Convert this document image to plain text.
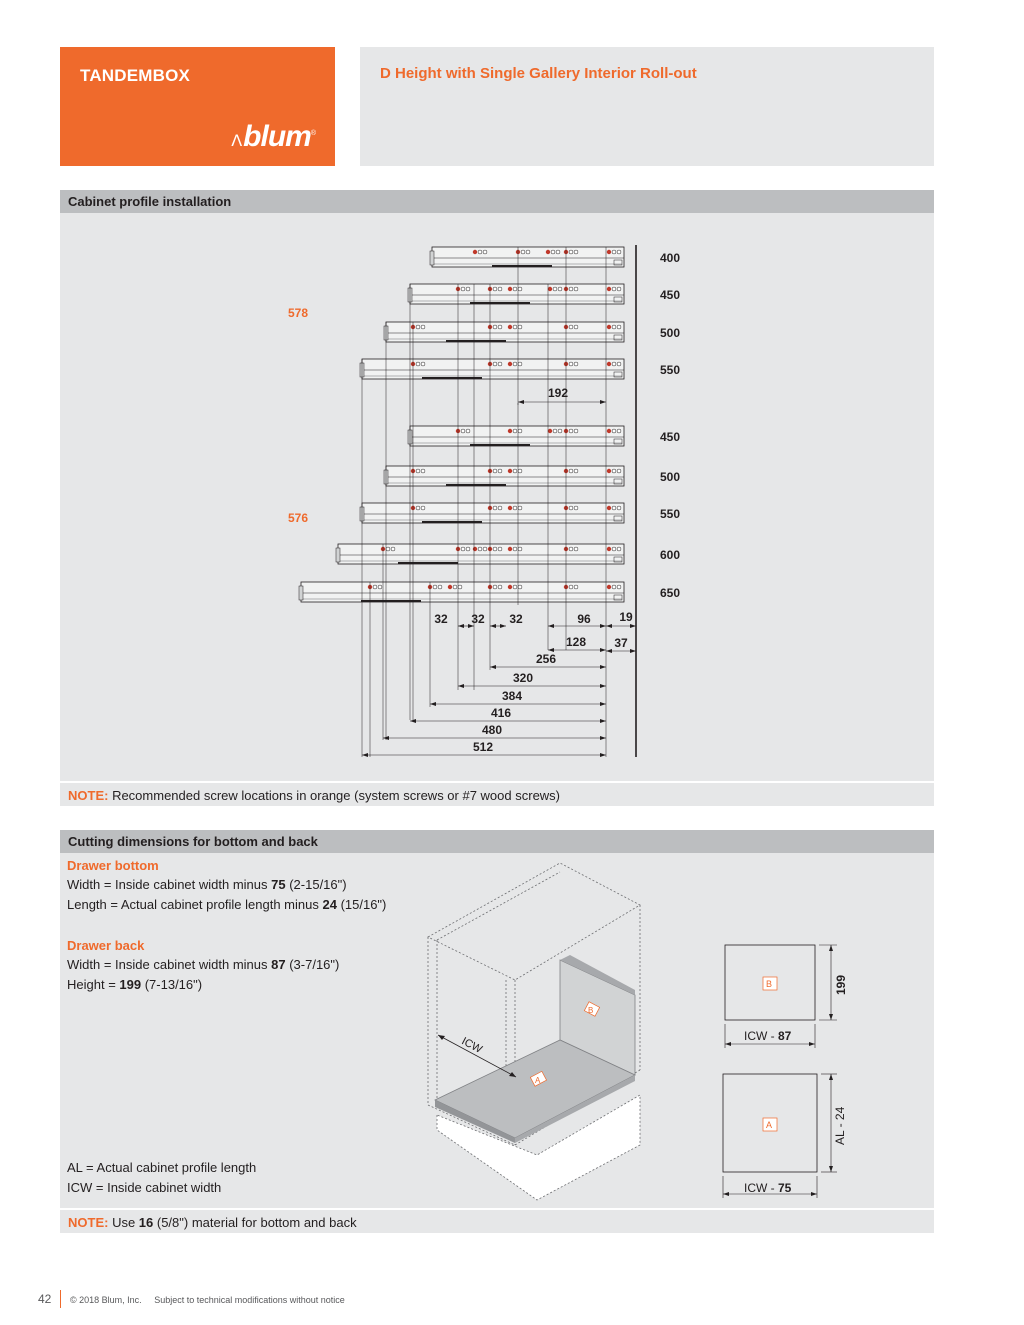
TANDEMBOX
ᐱblum®
D Height with Single Gallery Interior Roll-out
Cabinet profile installation
578
576
400
450
500
550
450
500
550
600
650
192
32 32 32	96 19
37
128
256
320
384
416
480
512
NOTE: Recommended screw locations in orange (system screws or #7 wood screws)
Cutting dimensions for bottom and back
Drawer bottom
Width = Inside cabinet width minus 75 (2-15/16")
Length = Actual cabinet profile length minus 24 (15/16")
Drawer back
Width = Inside cabinet width minus 87 (3-7/16")
Height = 199 (7-13/16")
AL = Actual cabinet profile length
ICW = Inside cabinet width
ICW
B
A
B
ICW - 87
199
A
ICW - 75
AL - 24
NOTE: Use 16 (5/8") material for bottom and back
42 © 2018 Blum, Inc. Subject to technical modifications without notice
